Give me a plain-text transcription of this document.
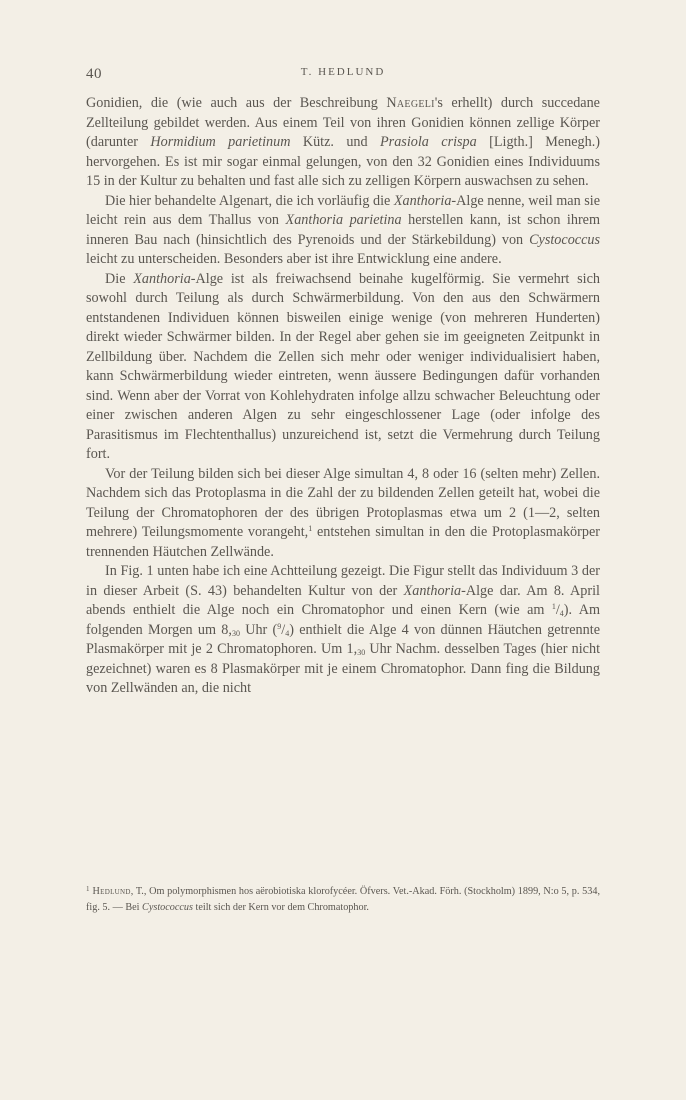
40	T. HEDLUND

Gonidien, die (wie auch aus der Beschreibung Naegeli's erhellt) durch succedane Zellteilung gebildet werden. Aus einem Teil von ihren Gonidien können zellige Körper (darunter Hormidium parietinum Kütz. und Prasiola crispa [Ligth.] Menegh.) hervorgehen. Es ist mir sogar einmal gelungen, von den 32 Gonidien eines Individuums 15 in der Kultur zu behalten und fast alle sich zu zelligen Körpern auswachsen zu sehen.

Die hier behandelte Algenart, die ich vorläufig die Xanthoria-Alge nenne, weil man sie leicht rein aus dem Thallus von Xanthoria parietina herstellen kann, ist schon ihrem inneren Bau nach (hinsichtlich des Pyrenoids und der Stärkebildung) von Cystococcus leicht zu unterscheiden. Besonders aber ist ihre Entwicklung eine andere.

Die Xanthoria-Alge ist als freiwachsend beinahe kugelförmig. Sie vermehrt sich sowohl durch Teilung als durch Schwärmerbildung. Von den aus den Schwärmern entstandenen Individuen können bisweilen einige wenige (von mehreren Hunderten) direkt wieder Schwärmer bilden. In der Regel aber gehen sie im geeigneten Zeitpunkt in Zellbildung über. Nachdem die Zellen sich mehr oder weniger individualisiert haben, kann Schwärmerbildung wieder eintreten, wenn äussere Bedingungen dafür vorhanden sind. Wenn aber der Vorrat von Kohlehydraten infolge allzu schwacher Beleuchtung oder einer zwischen anderen Algen zu sehr eingeschlossener Lage (oder infolge des Parasitismus im Flechtenthallus) unzureichend ist, setzt die Vermehrung durch Teilung fort.

Vor der Teilung bilden sich bei dieser Alge simultan 4, 8 oder 16 (selten mehr) Zellen. Nachdem sich das Protoplasma in die Zahl der zu bildenden Zellen geteilt hat, wobei die Teilung der Chromatophoren der des übrigen Protoplasmas etwa um 2 (1—2, selten mehrere) Teilungsmomente vorangeht,$^1$ entstehen simultan in den die Protoplasmakörper trennenden Häutchen Zellwände.

In Fig. 1 unten habe ich eine Achtteilung gezeigt. Die Figur stellt das Individuum 3 der in dieser Arbeit (S. 43) behandelten Kultur von der Xanthoria-Alge dar. Am 8. April abends enthielt die Alge noch ein Chromatophor und einen Kern (wie am $^1/_4$). Am folgenden Morgen um $8,_{30}$ Uhr $(^9/_4)$ enthielt die Alge 4 von dünnen Häutchen getrennte Plasmakörper mit je 2 Chromatophoren. Um $1,_{30}$ Uhr Nachm. desselben Tages (hier nicht gezeichnet) waren es 8 Plasmakörper mit je einem Chromatophor. Dann fing die Bildung von Zellwänden an, die nicht

$^1$ Hedlund, T., Om polymorphismen hos aërobiotiska klorofycéer. Öfvers. Vet.-Akad. Förh. (Stockholm) 1899, N:o 5, p. 534, fig. 5. — Bei Cystococcus teilt sich der Kern vor dem Chromatophor.
